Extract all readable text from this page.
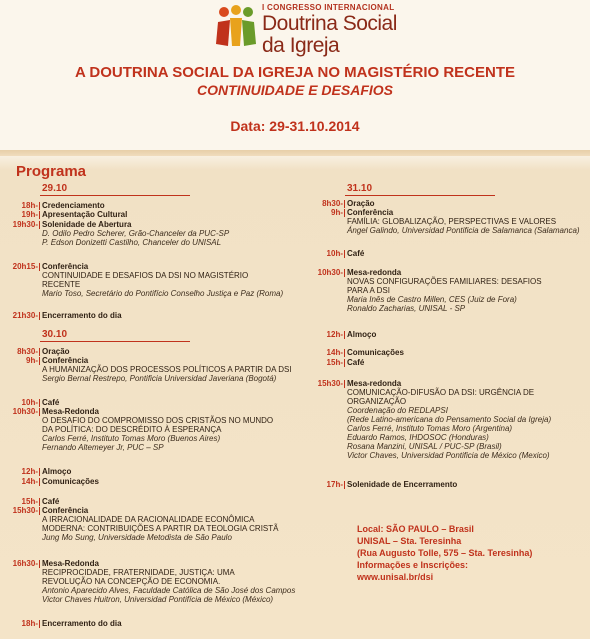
I CONGRESSO INTERNACIONAL
Doutrina Social
da Igreja
A DOUTRINA SOCIAL DA IGREJA NO MAGISTÉRIO RECENTE
CONTINUIDADE E DESAFIOS
Data: 29-31.10.2014
Programa
29.10
18h- Credenciamento
19h- Apresentação Cultural
19h30- Solenidade de Abertura
D. Odilo Pedro Scherer, Grão-Chanceler da PUC-SP
P. Edson Donizetti Castilho, Chanceler do UNISAL
20h15- Conferência
CONTINUIDADE E DESAFIOS DA DSI NO MAGISTÉRIO
RECENTE
Mario Toso, Secretário do Pontifício Conselho Justiça e Paz (Roma)
21h30- Encerramento do dia
30.10
8h30- Oração
9h- Conferência
A HUMANIZAÇÃO DOS PROCESSOS POLÍTICOS A PARTIR DA DSI
Sergio Bernal Restrepo, Pontificia Universidad Javeriana (Bogotá)
10h- Café
10h30- Mesa-Redonda
O DESAFIO DO COMPROMISSO DOS CRISTÃOS NO MUNDO
DA POLÍTICA: DO DESCRÉDITO À ESPERANÇA
Carlos Ferré, Instituto Tomas Moro (Buenos Aires)
Fernando Altemeyer Jr, PUC – SP
12h- Almoço
14h- Comunicações
15h- Café
15h30- Conferência
A IRRACIONALIDADE DA RACIONALIDADE ECONÔMICA
MODERNA: CONTRIBUIÇÕES A PARTIR DA TEOLOGIA CRISTÃ
Jung Mo Sung, Universidade Metodista de São Paulo
16h30- Mesa-Redonda
RECIPROCIDADE, FRATERNIDADE, JUSTIÇA: UMA
REVOLUÇÃO NA CONCEPÇÃO DE ECONOMIA.
Antonio Aparecido Alves, Faculdade Católica de São José dos Campos
Victor Chaves Huitron, Universidad Pontifícia de México (México)
18h- Encerramento do dia
31.10
8h30- Oração
9h- Conferência
FAMÍLIA: GLOBALIZAÇÃO, PERSPECTIVAS E VALORES
Ángel Galindo, Universidad Pontificia de Salamanca (Salamanca)
10h- Café
10h30- Mesa-redonda
NOVAS CONFIGURAÇÕES FAMILIARES: DESAFIOS
PARA A DSI
Maria Inês de Castro Millen, CES (Juiz de Fora)
Ronaldo Zacharias, UNISAL - SP
12h- Almoço
14h- Comunicações
15h- Café
15h30- Mesa-redonda
COMUNICAÇÃO-DIFUSÃO DA DSI: URGÊNCIA DE
ORGANIZAÇÃO
Coordenação do REDLAPSI
(Rede Latino-americana do Pensamento Social da Igreja)
Carlos Ferré, Instituto Tomas Moro (Argentina)
Eduardo Ramos, IHDOSOC (Honduras)
Rosana Manzini, UNISAL / PUC-SP (Brasil)
Victor Chaves, Universidad Pontificia de México (Mexico)
17h- Solenidade de Encerramento
Local: SÃO PAULO – Brasil
UNISAL – Sta. Teresinha
(Rua Augusto Tolle, 575 – Sta. Teresinha)
Informações e Inscrições:
www.unisal.br/dsi
